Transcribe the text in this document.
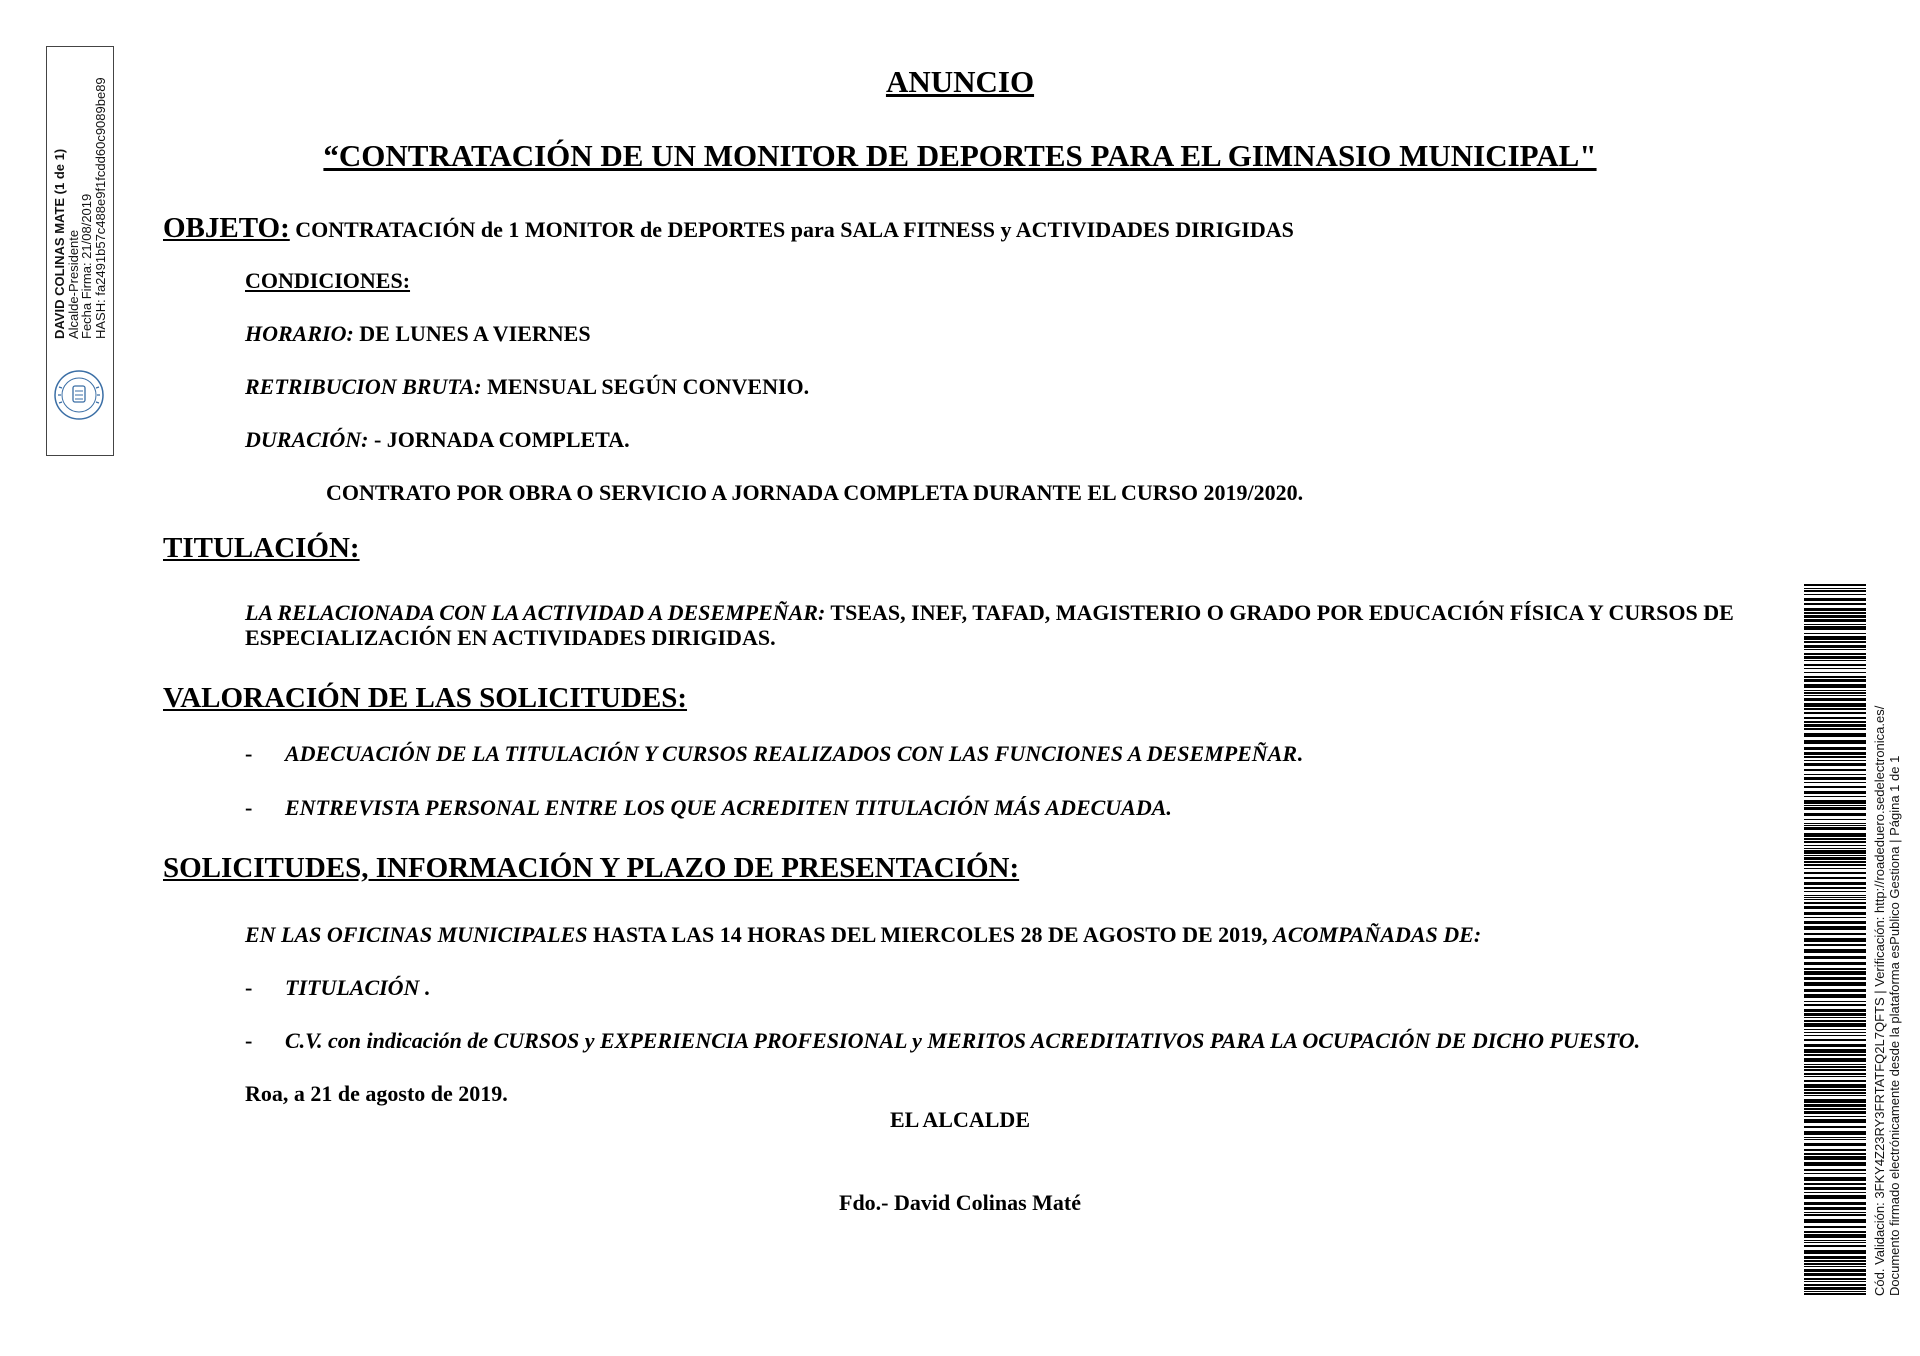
DAVID COLINAS MATE (1 de 1)
Alcalde-Presidente
Fecha Firma: 21/08/2019
HASH: fa2491b57c488e9f1fcdd60c9089be89	ANUNCIO
“CONTRATACIÓN DE UN MONITOR DE DEPORTES PARA EL GIMNASIO MUNICIPAL"
OBJETO: CONTRATACIÓN de 1 MONITOR de DEPORTES para SALA FITNESS y ACTIVIDADES DIRIGIDAS
CONDICIONES:
HORARIO: DE LUNES A VIERNES
RETRIBUCION BRUTA: MENSUAL SEGÚN CONVENIO.
DURACIÓN: - JORNADA COMPLETA.
CONTRATO POR OBRA O SERVICIO A JORNADA COMPLETA DURANTE EL CURSO 2019/2020.
TITULACIÓN:
LA RELACIONADA CON LA ACTIVIDAD A DESEMPEÑAR: TSEAS, INEF, TAFAD, MAGISTERIO O GRADO POR EDUCACIÓN FÍSICA Y CURSOS DE ESPECIALIZACIÓN EN ACTIVIDADES DIRIGIDAS.
VALORACIÓN DE LAS SOLICITUDES:
- ADECUACIÓN DE LA TITULACIÓN Y CURSOS REALIZADOS CON LAS FUNCIONES A DESEMPEÑAR.
- ENTREVISTA PERSONAL ENTRE LOS QUE ACREDITEN TITULACIÓN MÁS ADECUADA.
SOLICITUDES, INFORMACIÓN Y PLAZO DE PRESENTACIÓN:
EN LAS OFICINAS MUNICIPALES HASTA LAS 14 HORAS DEL MIERCOLES 28 DE AGOSTO DE 2019, ACOMPAÑADAS DE:
- TITULACIÓN .
- C.V. con indicación de CURSOS y EXPERIENCIA PROFESIONAL y MERITOS ACREDITATIVOS PARA LA OCUPACIÓN DE DICHO PUESTO.
Roa, a 21 de agosto de 2019.
EL ALCALDE
Fdo.- David Colinas Maté	Cód. Validación: 3FKY4Z23RY3FRTATFQ2L7QFTS | Verificación: http://roadeduero.sedelectronica.es/ Documento firmado electrónicamente desde la plataforma esPublico Gestiona | Página 1 de 1
